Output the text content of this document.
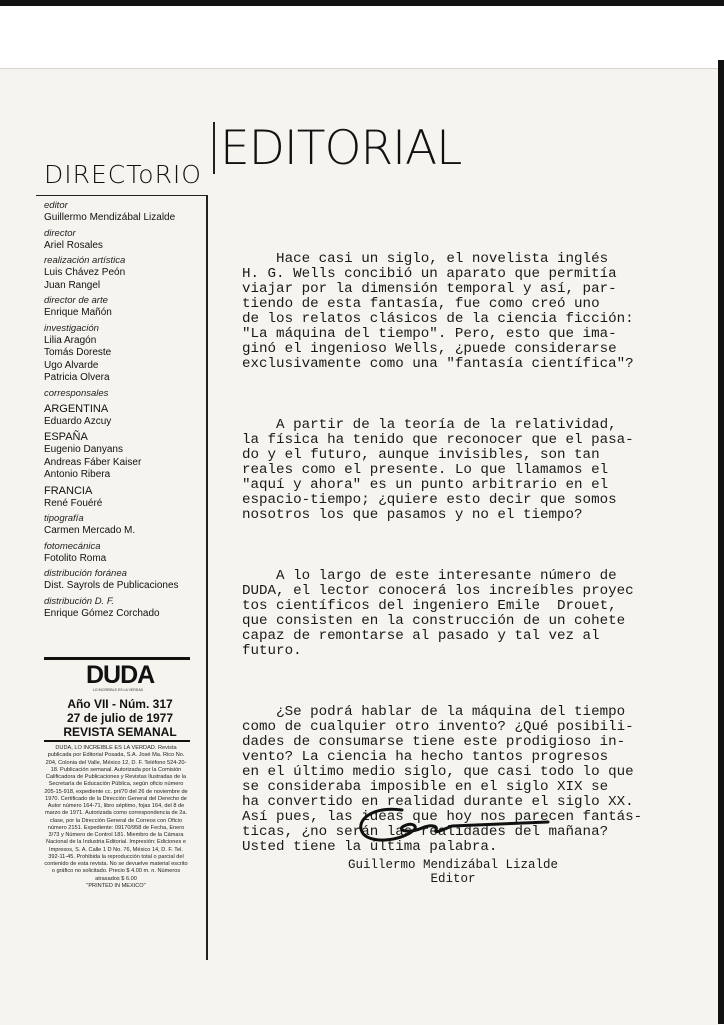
DIRECToRIO
editor
Guillermo Mendizábal Lizalde
director
Ariel Rosales
realización artística
Luis Chávez Peón
Juan Rangel
director de arte
Enrique Mañón
investigación
Lilia Aragón
Tomás Doreste
Ugo Alvarde
Patricia Olvera
corresponsales
ARGENTINA
Eduardo Azcuy
ESPAÑA
Eugenio Danyans
Andreas Fáber Kaiser
Antonio Ribera
FRANCIA
René Fouéré
tipografía
Carmen Mercado M.
fotomecánica
Fotolito Roma
distribución foránea
Dist. Sayrols de Publicaciones
distribución D. F.
Enrique Gómez Corchado
DUDA
LO INCREIBLE ES LA VERDAD
Año VII - Núm. 317
27 de julio de 1977
REVISTA SEMANAL
DUDA, LO INCREIBLE ES LA VERDAD. Revista publicada por Editorial Posada, S.A. José Ma. Rico No. 204, Colonia del Valle, México 12, D. F. Teléfono 524-20-18. Publicación semanal. Autorizada por la Comisión Calificadora de Publicaciones y Revistas Ilustradas de la Secretaría de Educación Pública, según oficio número 205-15-918, expediente cc. pri/70 del 26 de noviembre de 1970. Certificado de la Dirección General del Derecho de Autor número 164-71, libro séptimo, fojas 164, del 8 de marzo de 1971. Autorizada como correspondencia de 2a. clase, por la Dirección General de Correos con Oficio número 2151. Expediente: 09170/958 de Fecha, Enero 3/73 y Número de Control 181. Miembro de la Cámara Nacional de la Industria Editorial. Impresión: Ediciones e Impresos, S. A. Calle 1 D No. 76, México 14, D. F. Tel. 392-11-45. Prohibida la reproducción total o parcial del contenido de esta revista. No se devuelve material escrito o gráfico no solicitado. Precio $ 4.00 m. n. Números atrasados $ 6.00
"PRINTED IN MEXICO"
EDITORIAL

Hace casi un siglo, el novelista inglés
H. G. Wells concibió un aparato que permitía
viajar por la dimensión temporal y así, par-
tiendo de esta fantasía, fue como creó uno
de los relatos clásicos de la ciencia ficción:
"La máquina del tiempo". Pero, esto que ima-
ginó el ingenioso Wells, ¿puede considerarse
exclusivamente como una "fantasía científica"?

A partir de la teoría de la relatividad,
la física ha tenido que reconocer que el pasa-
do y el futuro, aunque invisibles, son tan
reales como el presente. Lo que llamamos el
"aquí y ahora" es un punto arbitrario en el
espacio-tiempo; ¿quiere esto decir que somos
nosotros los que pasamos y no el tiempo?

A lo largo de este interesante número de
DUDA, el lector conocerá los increíbles proyec
tos científicos del ingeniero Emile  Drouet,
que consisten en la construcción de un cohete
capaz de remontarse al pasado y tal vez al
futuro.

¿Se podrá hablar de la máquina del tiempo
como de cualquier otro invento? ¿Qué posibili-
dades de consumarse tiene este prodigioso in-
vento? La ciencia ha hecho tantos progresos
en el último medio siglo, que casi todo lo que
se consideraba imposible en el siglo XIX se
ha convertido en realidad durante el siglo XX.
Así pues, las ideas que hoy nos parecen fantás-
ticas, ¿no serán las realidades del mañana?
Usted tiene la última palabra.

Guillermo Mendizábal Lizalde
Editor
